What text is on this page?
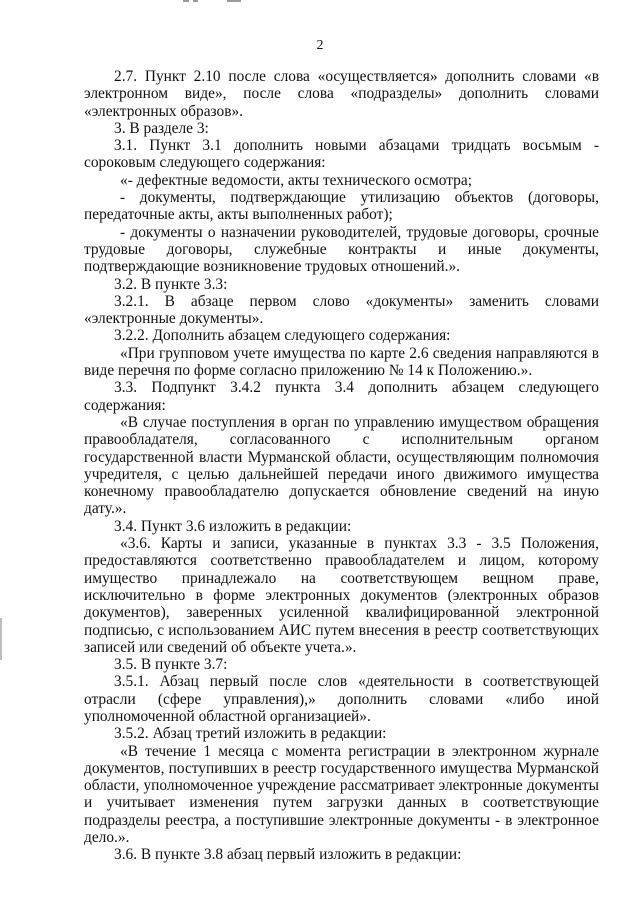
2

2.7. Пункт 2.10 после слова «осуществляется» дополнить словами «в электронном виде», после слова «подразделы» дополнить словами «электронных образов».

3. В разделе 3:

3.1. Пункт 3.1 дополнить новыми абзацами тридцать восьмым - сороковым следующего содержания:

«- дефектные ведомости, акты технического осмотра;

- документы, подтверждающие утилизацию объектов (договоры, передаточные акты, акты выполненных работ);

- документы о назначении руководителей, трудовые договоры, срочные трудовые договоры, служебные контракты и иные документы, подтверждающие возникновение трудовых отношений.».

3.2. В пункте 3.3:

3.2.1. В абзаце первом слово «документы» заменить словами «электронные документы».

3.2.2. Дополнить абзацем следующего содержания:

«При групповом учете имущества по карте 2.6 сведения направляются в виде перечня по форме согласно приложению № 14 к Положению.».

3.3. Подпункт 3.4.2 пункта 3.4 дополнить абзацем следующего содержания:

«В случае поступления в орган по управлению имуществом обращения правообладателя, согласованного с исполнительным органом государственной власти Мурманской области, осуществляющим полномочия учредителя, с целью дальнейшей передачи иного движимого имущества конечному правообладателю допускается обновление сведений на иную дату.».

3.4. Пункт 3.6 изложить в редакции:

«3.6. Карты и записи, указанные в пунктах 3.3 - 3.5 Положения, предоставляются соответственно правообладателем и лицом, которому имущество принадлежало на соответствующем вещном праве, исключительно в форме электронных документов (электронных образов документов), заверенных усиленной квалифицированной электронной подписью, с использованием АИС путем внесения в реестр соответствующих записей или сведений об объекте учета.».

3.5. В пункте 3.7:

3.5.1. Абзац первый после слов «деятельности в соответствующей отрасли (сфере управления),» дополнить словами «либо иной уполномоченной областной организацией».

3.5.2. Абзац третий изложить в редакции:

«В течение 1 месяца с момента регистрации в электронном журнале документов, поступивших в реестр государственного имущества Мурманской области, уполномоченное учреждение рассматривает электронные документы и учитывает изменения путем загрузки данных в соответствующие подразделы реестра, а поступившие электронные документы - в электронное дело.».

3.6. В пункте 3.8 абзац первый изложить в редакции:
